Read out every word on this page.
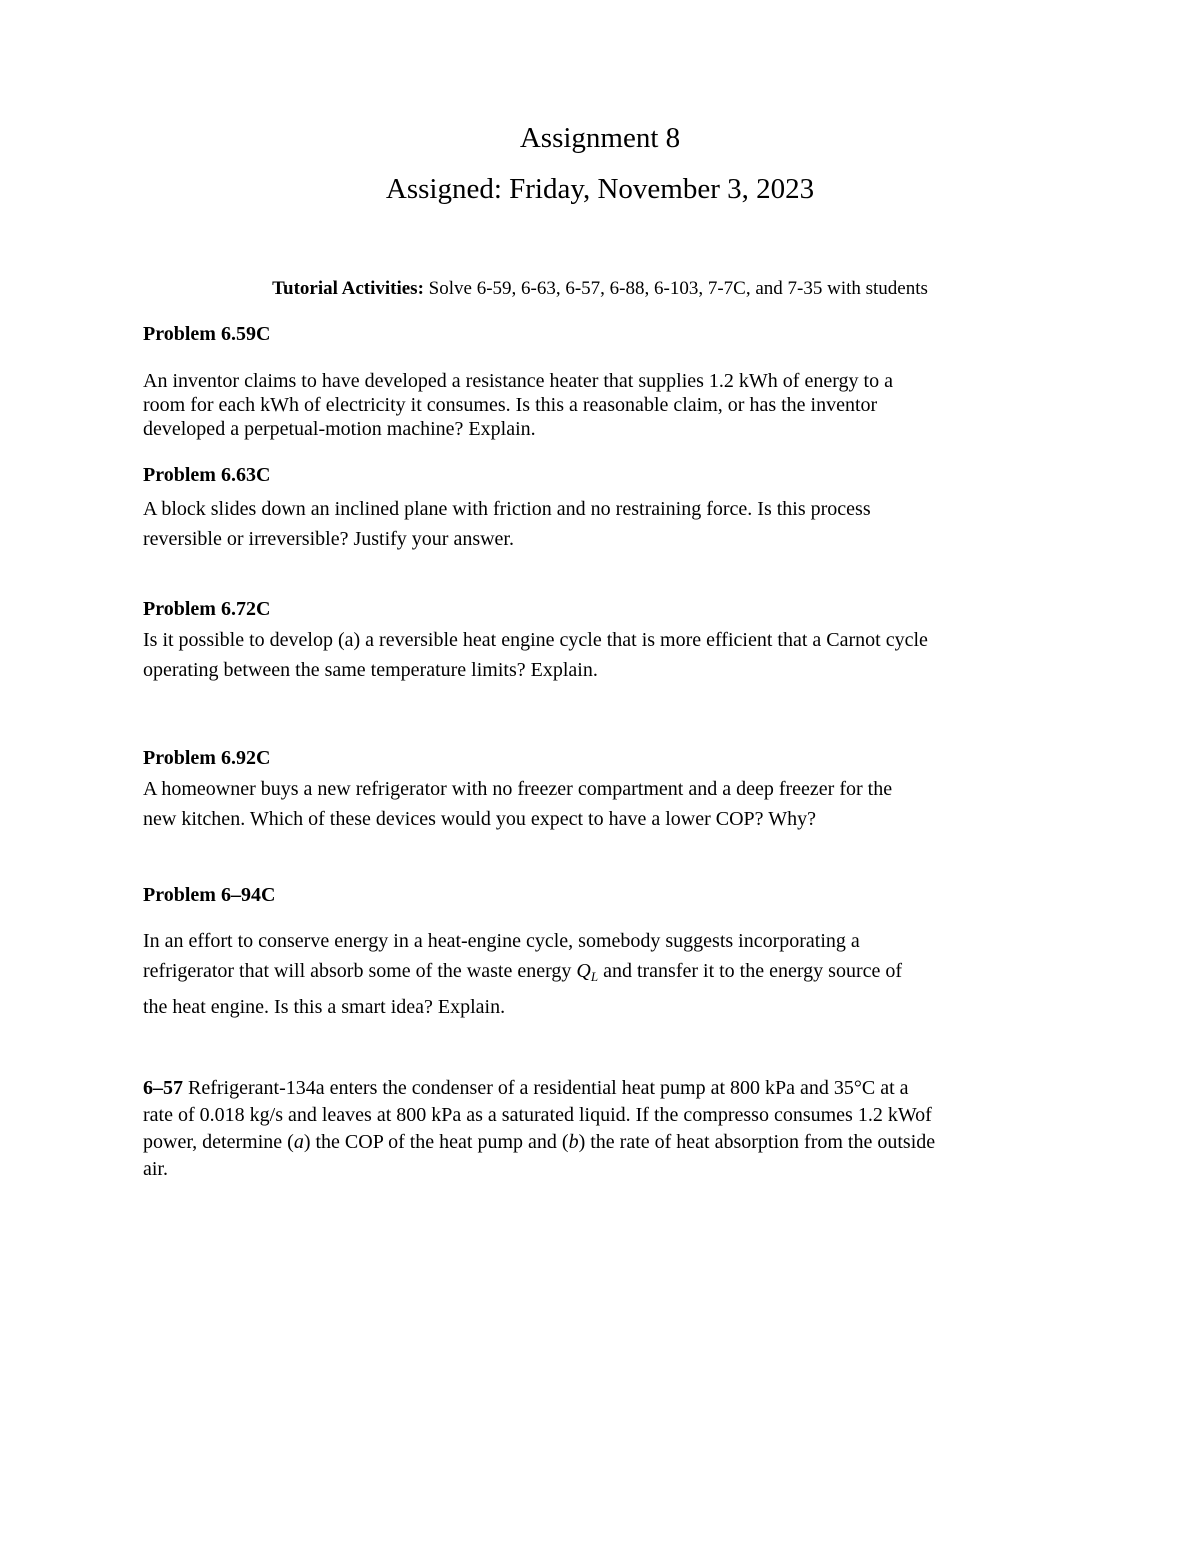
Assignment 8
Assigned: Friday, November 3, 2023
Tutorial Activities: Solve 6-59, 6-63, 6-57, 6-88, 6-103, 7-7C, and 7-35 with students
Problem 6.59C
An inventor claims to have developed a resistance heater that supplies 1.2 kWh of energy to a
room for each kWh of electricity it consumes. Is this a reasonable claim, or has the inventor
developed a perpetual-motion machine? Explain.
Problem 6.63C
A block slides down an inclined plane with friction and no restraining force. Is this process
reversible or irreversible? Justify your answer.
Problem 6.72C
Is it possible to develop (a) a reversible heat engine cycle that is more efficient that a Carnot cycle
operating between the same temperature limits? Explain.
Problem 6.92C
A homeowner buys a new refrigerator with no freezer compartment and a deep freezer for the
new kitchen. Which of these devices would you expect to have a lower COP? Why?
Problem 6–94C
In an effort to conserve energy in a heat-engine cycle, somebody suggests incorporating a
refrigerator that will absorb some of the waste energy $Q_L$ and transfer it to the energy source of
the heat engine. Is this a smart idea? Explain.
6–57 Refrigerant-134a enters the condenser of a residential heat pump at 800 kPa and 35°C at a
rate of 0.018 kg/s and leaves at 800 kPa as a saturated liquid. If the compresso consumes 1.2 kWof
power, determine (a) the COP of the heat pump and (b) the rate of heat absorption from the outside
air.
